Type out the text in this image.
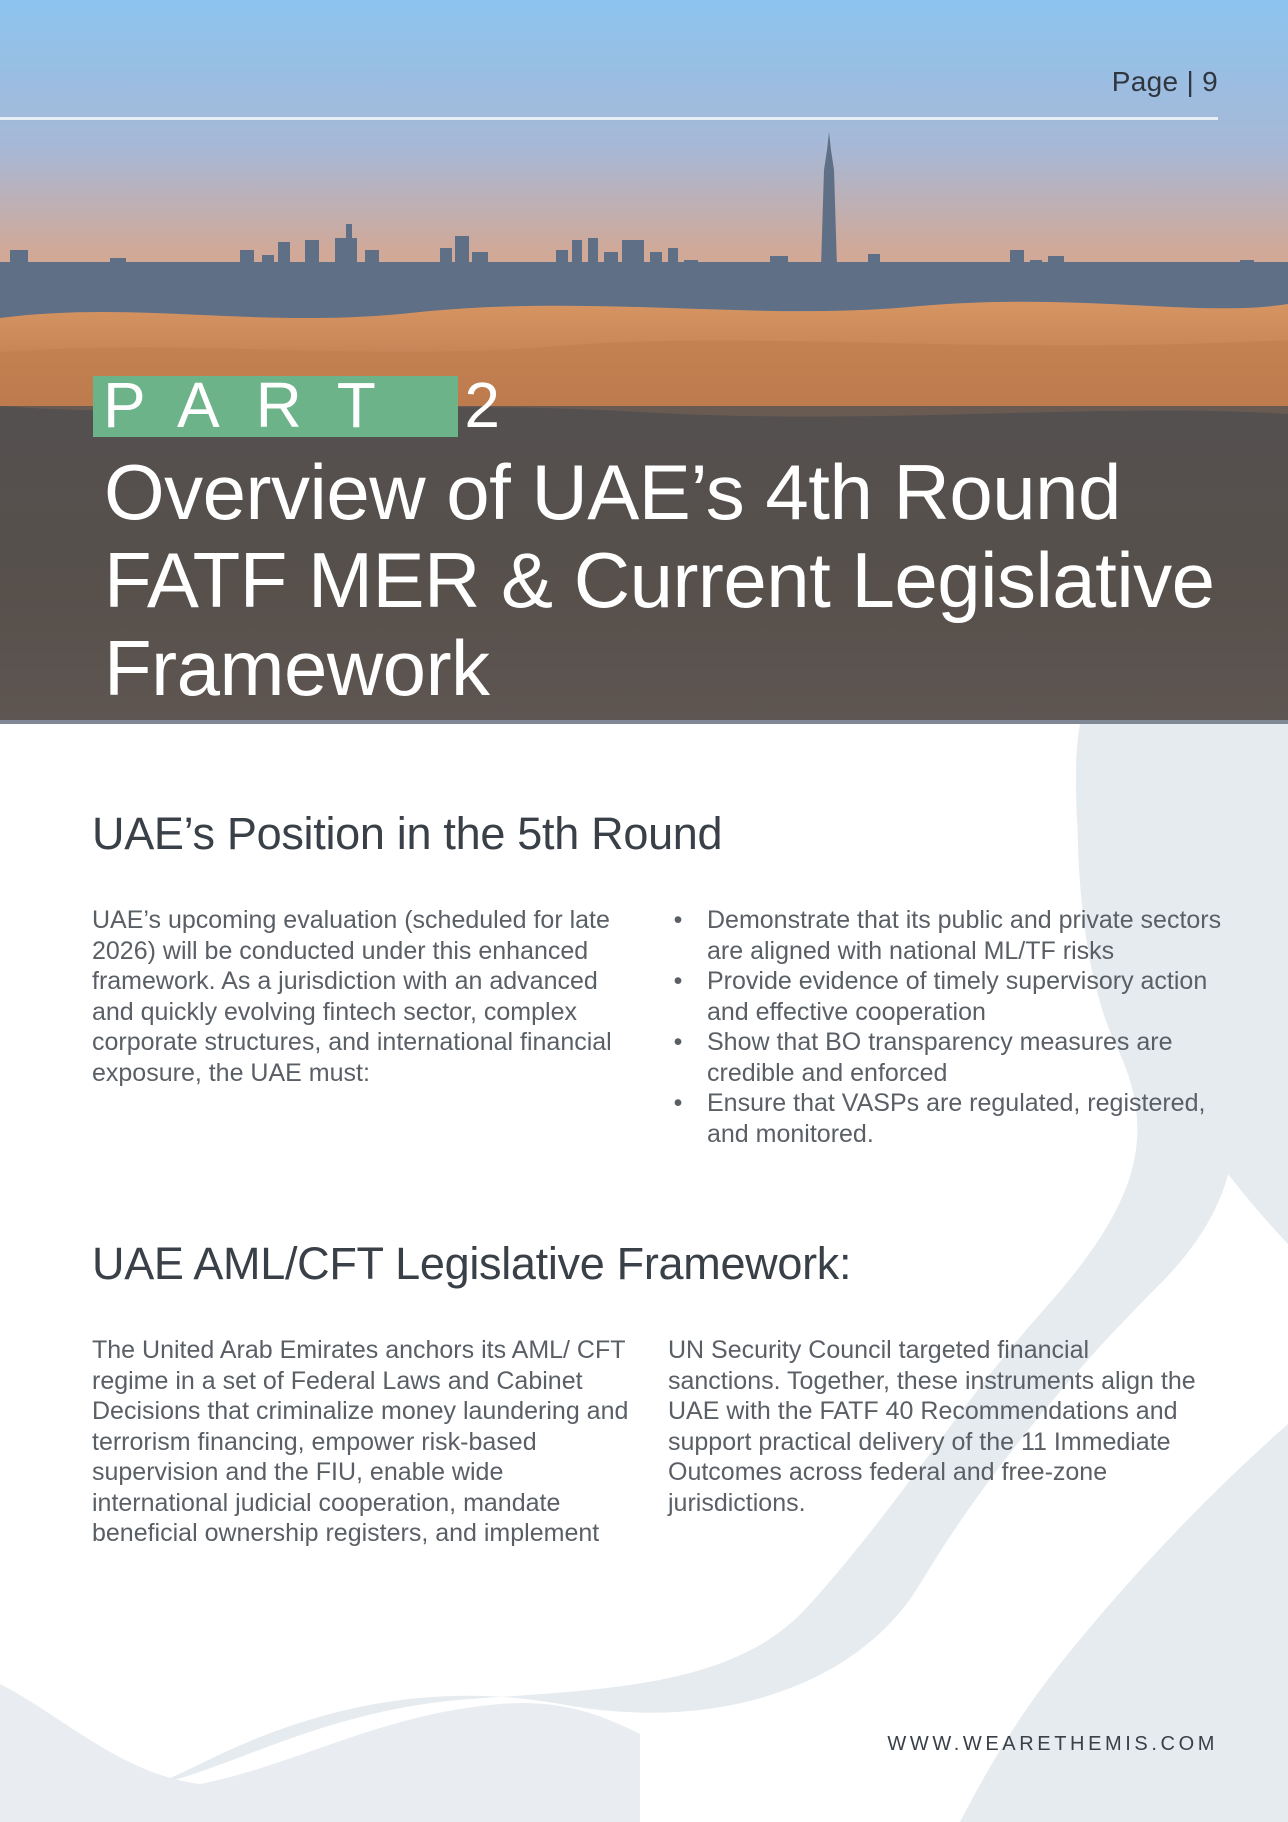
Page | 9
PART 2
Overview of UAE’s 4th Round
FATF MER & Current Legislative
Framework
UAE’s Position in the 5th Round

UAE’s upcoming evaluation (scheduled for late 2026) will be conducted under this enhanced framework. As a jurisdiction with an advanced and quickly evolving fintech sector, complex corporate structures, and international financial exposure, the UAE must:

• Demonstrate that its public and private sectors are aligned with national ML/TF risks
• Provide evidence of timely supervisory action and effective cooperation
• Show that BO transparency measures are credible and enforced
• Ensure that VASPs are regulated, registered, and monitored.
UAE AML/CFT Legislative Framework:

The United Arab Emirates anchors its AML/ CFT regime in a set of Federal Laws and Cabinet Decisions that criminalize money laundering and terrorism financing, empower risk-based supervision and the FIU, enable wide international judicial cooperation, mandate beneficial ownership registers, and implement

UN Security Council targeted financial sanctions. Together, these instruments align the UAE with the FATF 40 Recommendations and support practical delivery of the 11 Immediate Outcomes across federal and free-zone jurisdictions.

WWW.WEARETHEMIS.COM
